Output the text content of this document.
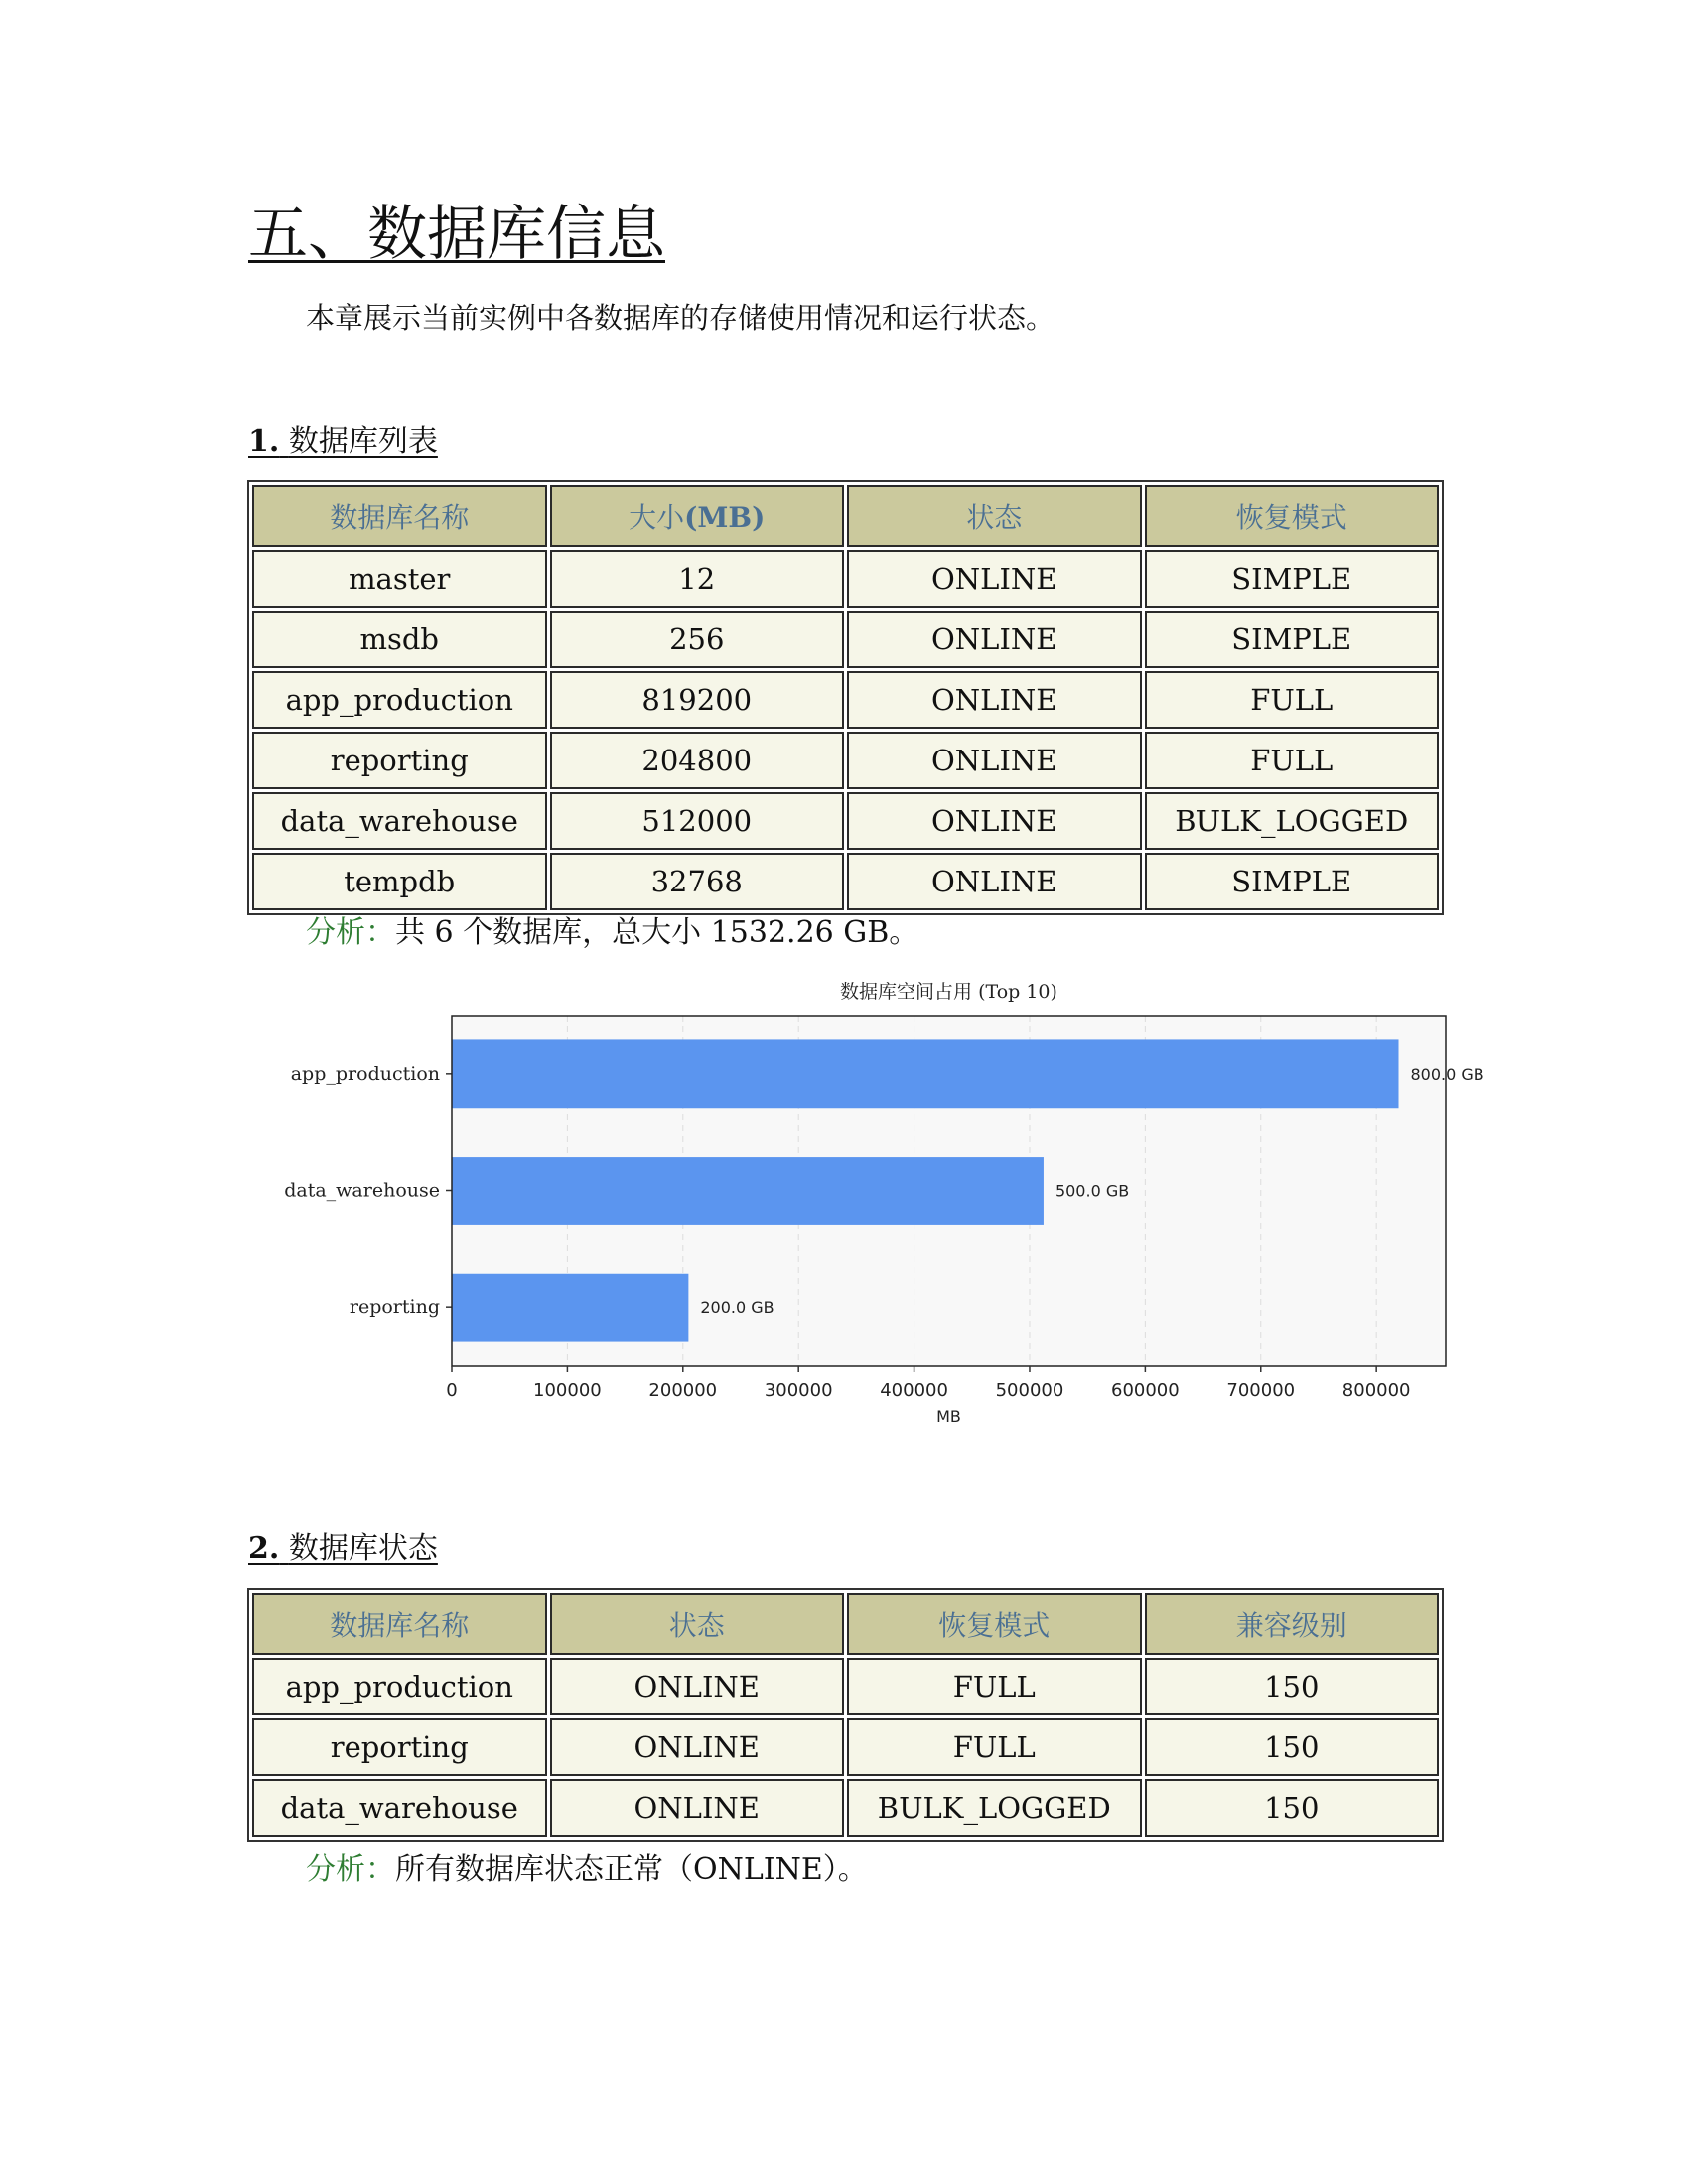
五、数据库信息

本章展示当前实例中各数据库的存储使用情况和运行状态。

1. 数据库列表
数据库名称	大小(MB)	状态	恢复模式
master	12	ONLINE	SIMPLE
msdb	256	ONLINE	SIMPLE
app_production	819200	ONLINE	FULL
reporting	204800	ONLINE	FULL
data_warehouse	512000	ONLINE	BULK_LOGGED
tempdb	32768	ONLINE	SIMPLE

分析：共 6 个数据库，总大小 1532.26 GB。

800.0 GB
app_production
500.0 GB
data_warehouse
200.0 GB
reporting
0	100000	200000	300000	400000	500000	600000	700000	800000
MB
数据库空间占用 (Top 10)
2. 数据库状态
数据库名称	状态	恢复模式	兼容级别
app_production	ONLINE	FULL	150
reporting	ONLINE	FULL	150
data_warehouse	ONLINE	BULK_LOGGED	150

分析：所有数据库状态正常（ONLINE）。
